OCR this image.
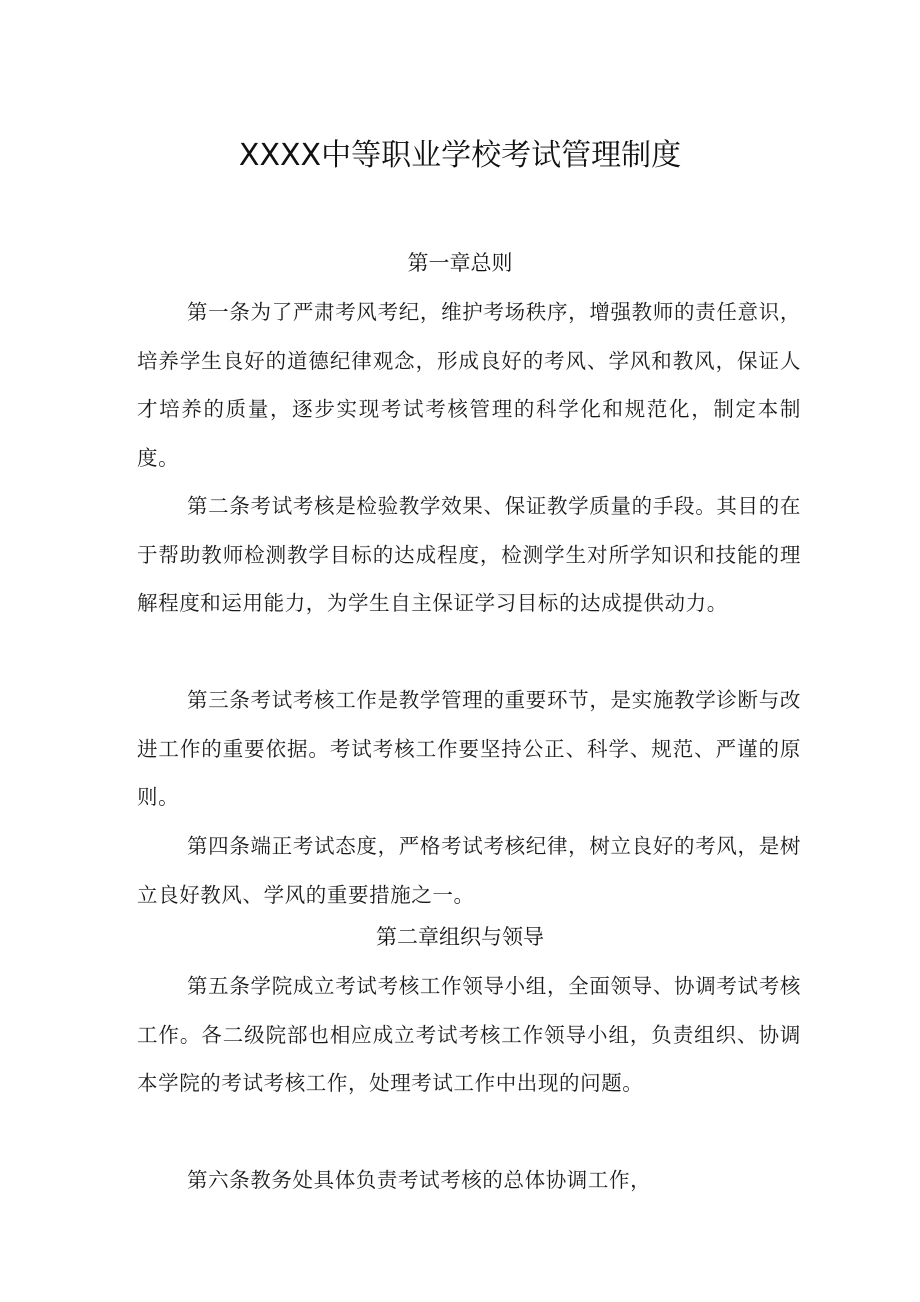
XXXX中等职业学校考试管理制度
第一章总则
第一条为了严肃考风考纪，维护考场秩序，增强教师的责任意识，培养学生良好的道德纪律观念，形成良好的考风、学风和教风，保证人才培养的质量，逐步实现考试考核管理的科学化和规范化，制定本制度。
第二条考试考核是检验教学效果、保证教学质量的手段。其目的在于帮助教师检测教学目标的达成程度，检测学生对所学知识和技能的理解程度和运用能力，为学生自主保证学习目标的达成提供动力。
第三条考试考核工作是教学管理的重要环节，是实施教学诊断与改进工作的重要依据。考试考核工作要坚持公正、科学、规范、严谨的原则。
第四条端正考试态度，严格考试考核纪律，树立良好的考风，是树立良好教风、学风的重要措施之一。
第二章组织与领导
第五条学院成立考试考核工作领导小组，全面领导、协调考试考核工作。各二级院部也相应成立考试考核工作领导小组，负责组织、协调本学院的考试考核工作，处理考试工作中出现的问题。
第六条教务处具体负责考试考核的总体协调工作，
